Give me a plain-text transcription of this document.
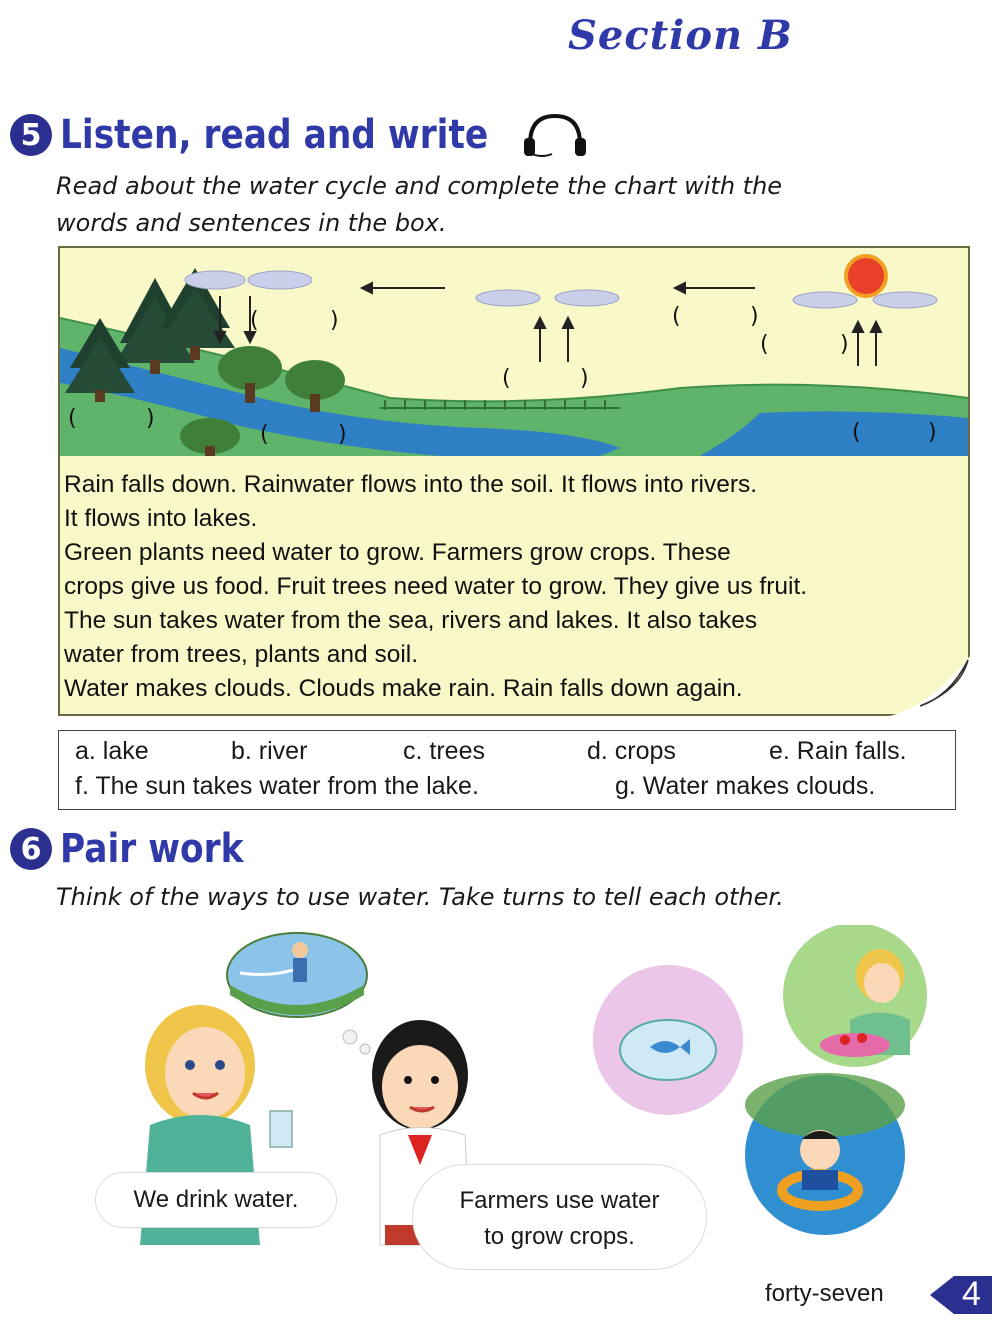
Section B
5 Listen, read and write
Read about the water cycle and complete the chart with the
words and sentences in the box.
(	)	(	)
(	)
(	)
(	)
(	)	(	)

Rain falls down. Rainwater flows into the soil. It flows into rivers.

It flows into lakes.

Green plants need water to grow. Farmers grow crops. These

crops give us food. Fruit trees need water to grow. They give us fruit.

The sun takes water from the sea, rivers and lakes. It also takes

water from trees, plants and soil.

Water makes clouds. Clouds make rain. Rain falls down again.

a. lake	b. river	c. trees	d. crops	e. Rain falls.
f. The sun takes water from the lake.	g. Water makes clouds.
6 Pair work
Think of the ways to use water. Take turns to tell each other.
We drink water.	Farmers use water
to grow crops.
forty-seven 4
